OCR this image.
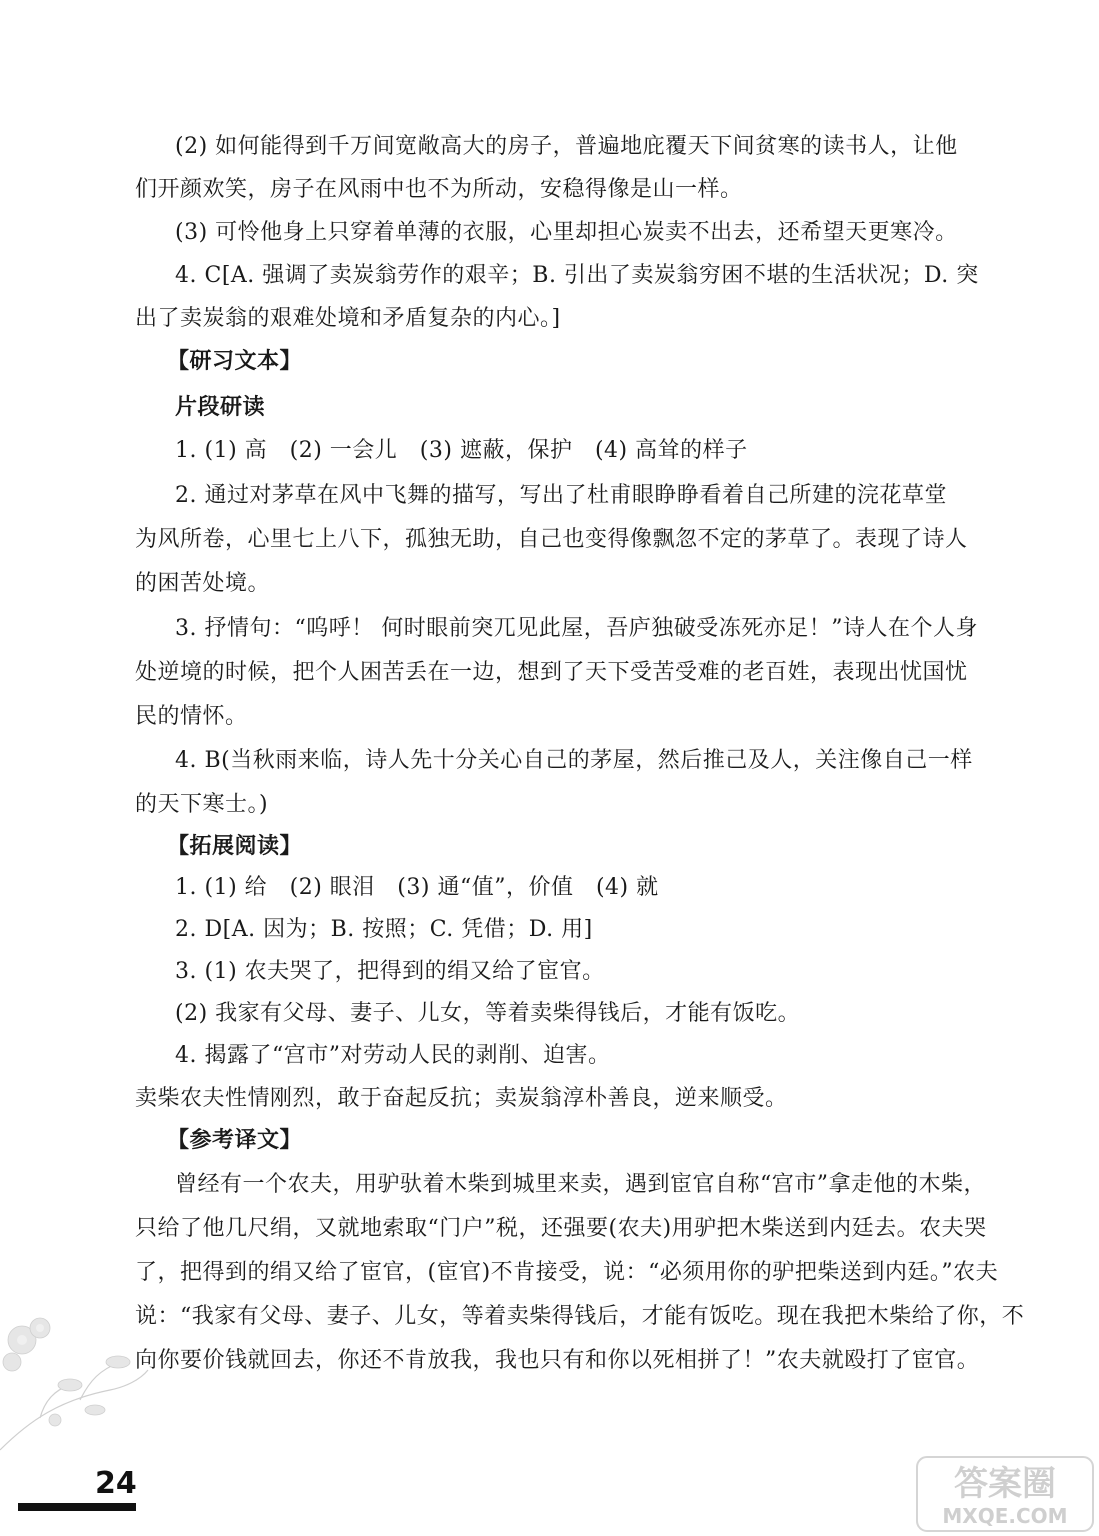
(2) 如何能得到千万间宽敞高大的房子，普遍地庇覆天下间贫寒的读书人，让他
们开颜欢笑，房子在风雨中也不为所动，安稳得像是山一样。
(3) 可怜他身上只穿着单薄的衣服，心里却担心炭卖不出去，还希望天更寒冷。
4. C[A. 强调了卖炭翁劳作的艰辛；B. 引出了卖炭翁穷困不堪的生活状况；D. 突
出了卖炭翁的艰难处境和矛盾复杂的内心。]
【研习文本】
片段研读
1. (1) 高　(2) 一会儿　(3) 遮蔽，保护　(4) 高耸的样子
2. 通过对茅草在风中飞舞的描写，写出了杜甫眼睁睁看着自己所建的浣花草堂
为风所卷，心里七上八下，孤独无助，自己也变得像飘忽不定的茅草了。表现了诗人
的困苦处境。
3. 抒情句：“呜呼！ 何时眼前突兀见此屋，吾庐独破受冻死亦足！”诗人在个人身
处逆境的时候，把个人困苦丢在一边，想到了天下受苦受难的老百姓，表现出忧国忧
民的情怀。
4. B(当秋雨来临，诗人先十分关心自己的茅屋，然后推己及人，关注像自己一样
的天下寒士。)
【拓展阅读】
1. (1) 给　(2) 眼泪　(3) 通“值”，价值　(4) 就
2. D[A. 因为；B. 按照；C. 凭借；D. 用]
3. (1) 农夫哭了，把得到的绢又给了宦官。
(2) 我家有父母、妻子、儿女，等着卖柴得钱后，才能有饭吃。
4. 揭露了“宫市”对劳动人民的剥削、迫害。
卖柴农夫性情刚烈，敢于奋起反抗；卖炭翁淳朴善良，逆来顺受。
【参考译文】
曾经有一个农夫，用驴驮着木柴到城里来卖，遇到宦官自称“宫市”拿走他的木柴，
只给了他几尺绢，又就地索取“门户”税，还强要(农夫)用驴把木柴送到内廷去。农夫哭
了，把得到的绢又给了宦官，(宦官)不肯接受，说：“必须用你的驴把柴送到内廷。”农夫
说：“我家有父母、妻子、儿女，等着卖柴得钱后，才能有饭吃。现在我把木柴给了你，不
向你要价钱就回去，你还不肯放我，我也只有和你以死相拼了！”农夫就殴打了宦官。
24	答案圈
MXQE.COM
